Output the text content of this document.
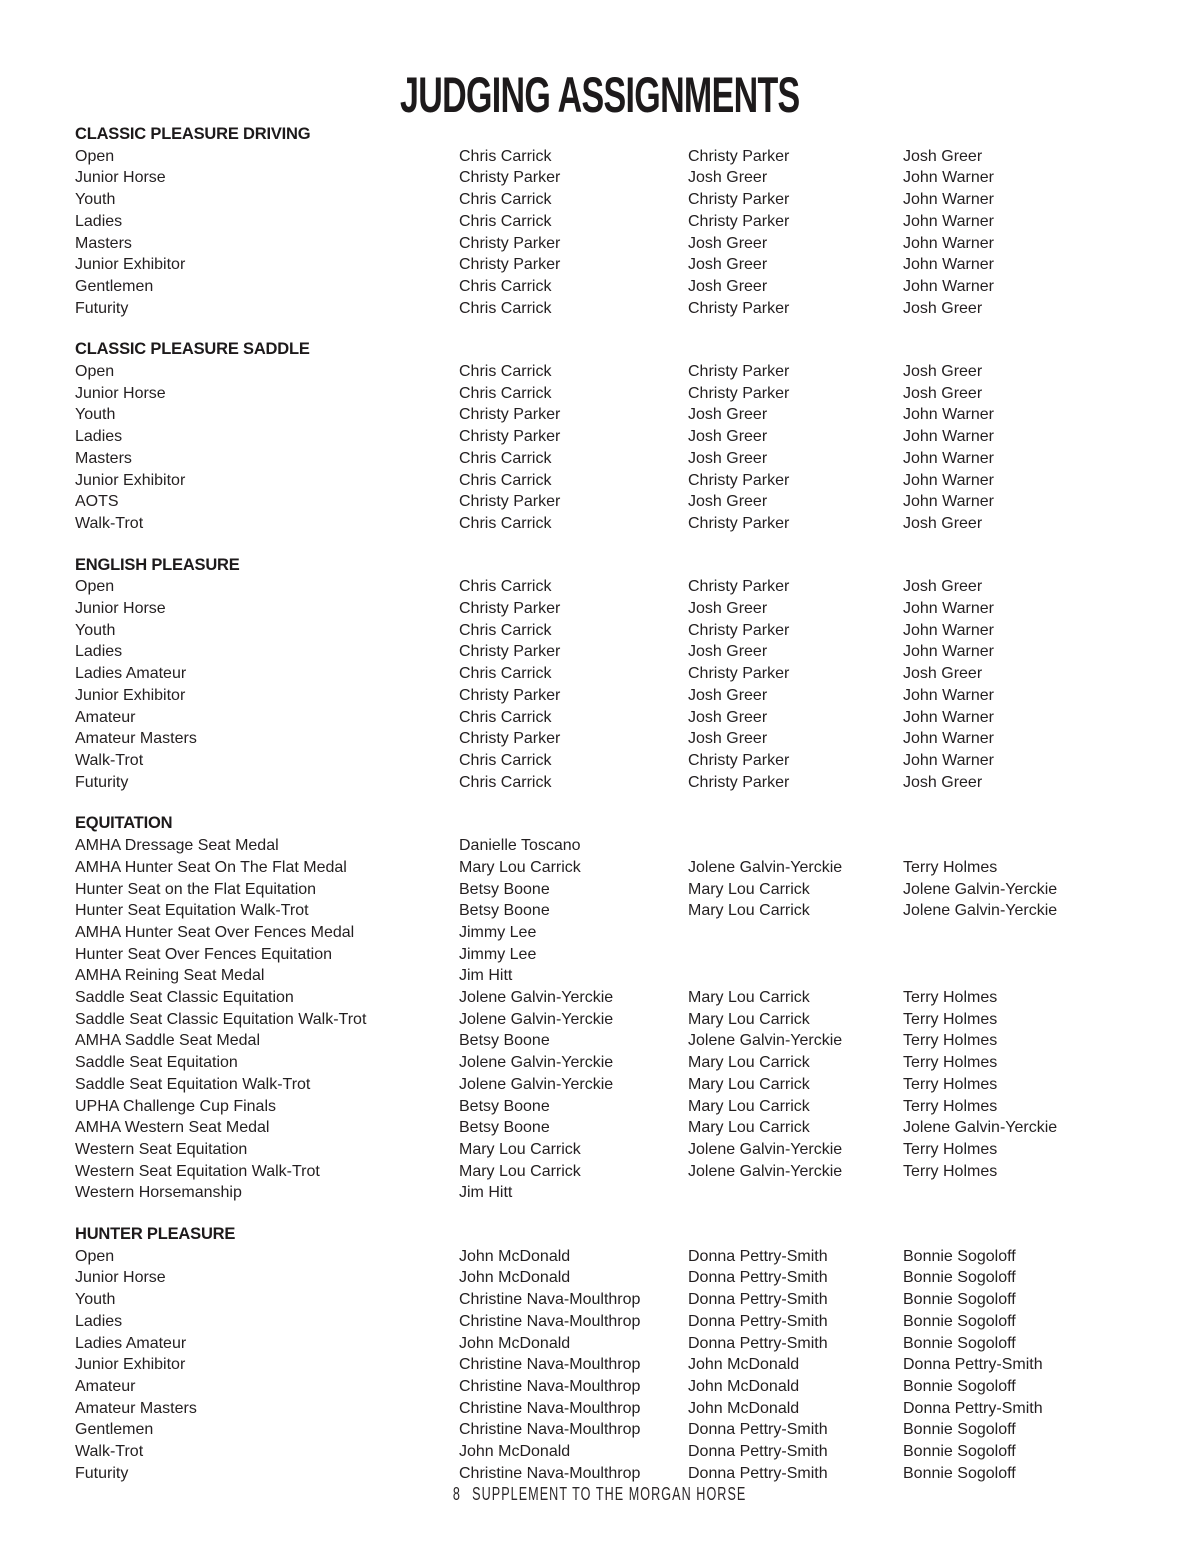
JUDGING ASSIGNMENTS
CLASSIC PLEASURE DRIVING
Open	Chris Carrick	Christy Parker	Josh Greer
Junior Horse	Christy Parker	Josh Greer	John Warner
Youth	Chris Carrick	Christy Parker	John Warner
Ladies	Chris Carrick	Christy Parker	John Warner
Masters	Christy Parker	Josh Greer	John Warner
Junior Exhibitor	Christy Parker	Josh Greer	John Warner
Gentlemen	Chris Carrick	Josh Greer	John Warner
Futurity	Chris Carrick	Christy Parker	Josh Greer
CLASSIC PLEASURE SADDLE
Open	Chris Carrick	Christy Parker	Josh Greer
Junior Horse	Chris Carrick	Christy Parker	Josh Greer
Youth	Christy Parker	Josh Greer	John Warner
Ladies	Christy Parker	Josh Greer	John Warner
Masters	Chris Carrick	Josh Greer	John Warner
Junior Exhibitor	Chris Carrick	Christy Parker	John Warner
AOTS	Christy Parker	Josh Greer	John Warner
Walk-Trot	Chris Carrick	Christy Parker	Josh Greer
ENGLISH PLEASURE
Open	Chris Carrick	Christy Parker	Josh Greer
Junior Horse	Christy Parker	Josh Greer	John Warner
Youth	Chris Carrick	Christy Parker	John Warner
Ladies	Christy Parker	Josh Greer	John Warner
Ladies Amateur	Chris Carrick	Christy Parker	Josh Greer
Junior Exhibitor	Christy Parker	Josh Greer	John Warner
Amateur	Chris Carrick	Josh Greer	John Warner
Amateur Masters	Christy Parker	Josh Greer	John Warner
Walk-Trot	Chris Carrick	Christy Parker	John Warner
Futurity	Chris Carrick	Christy Parker	Josh Greer
EQUITATION
AMHA Dressage Seat Medal	Danielle Toscano
AMHA Hunter Seat On The Flat Medal	Mary Lou Carrick	Jolene Galvin-Yerckie	Terry Holmes
Hunter Seat on the Flat Equitation	Betsy Boone	Mary Lou Carrick	Jolene Galvin-Yerckie
Hunter Seat Equitation Walk-Trot	Betsy Boone	Mary Lou Carrick	Jolene Galvin-Yerckie
AMHA Hunter Seat Over Fences Medal	Jimmy Lee
Hunter Seat Over Fences Equitation	Jimmy Lee
AMHA Reining Seat Medal	Jim Hitt
Saddle Seat Classic Equitation	Jolene Galvin-Yerckie	Mary Lou Carrick	Terry Holmes
Saddle Seat Classic Equitation Walk-Trot	Jolene Galvin-Yerckie	Mary Lou Carrick	Terry Holmes
AMHA Saddle Seat Medal	Betsy Boone	Jolene Galvin-Yerckie	Terry Holmes
Saddle Seat Equitation	Jolene Galvin-Yerckie	Mary Lou Carrick	Terry Holmes
Saddle Seat Equitation Walk-Trot	Jolene Galvin-Yerckie	Mary Lou Carrick	Terry Holmes
UPHA Challenge Cup Finals	Betsy Boone	Mary Lou Carrick	Terry Holmes
AMHA Western Seat Medal	Betsy Boone	Mary Lou Carrick	Jolene Galvin-Yerckie
Western Seat Equitation	Mary Lou Carrick	Jolene Galvin-Yerckie	Terry Holmes
Western Seat Equitation Walk-Trot	Mary Lou Carrick	Jolene Galvin-Yerckie	Terry Holmes
Western Horsemanship	Jim Hitt
HUNTER PLEASURE
Open	John McDonald	Donna Pettry-Smith	Bonnie Sogoloff
Junior Horse	John McDonald	Donna Pettry-Smith	Bonnie Sogoloff
Youth	Christine Nava-Moulthrop	Donna Pettry-Smith	Bonnie Sogoloff
Ladies	Christine Nava-Moulthrop	Donna Pettry-Smith	Bonnie Sogoloff
Ladies Amateur	John McDonald	Donna Pettry-Smith	Bonnie Sogoloff
Junior Exhibitor	Christine Nava-Moulthrop	John McDonald	Donna Pettry-Smith
Amateur	Christine Nava-Moulthrop	John McDonald	Bonnie Sogoloff
Amateur Masters	Christine Nava-Moulthrop	John McDonald	Donna Pettry-Smith
Gentlemen	Christine Nava-Moulthrop	Donna Pettry-Smith	Bonnie Sogoloff
Walk-Trot	John McDonald	Donna Pettry-Smith	Bonnie Sogoloff
Futurity	Christine Nava-Moulthrop	Donna Pettry-Smith	Bonnie Sogoloff
8 SUPPLEMENT TO THE MORGAN HORSE
